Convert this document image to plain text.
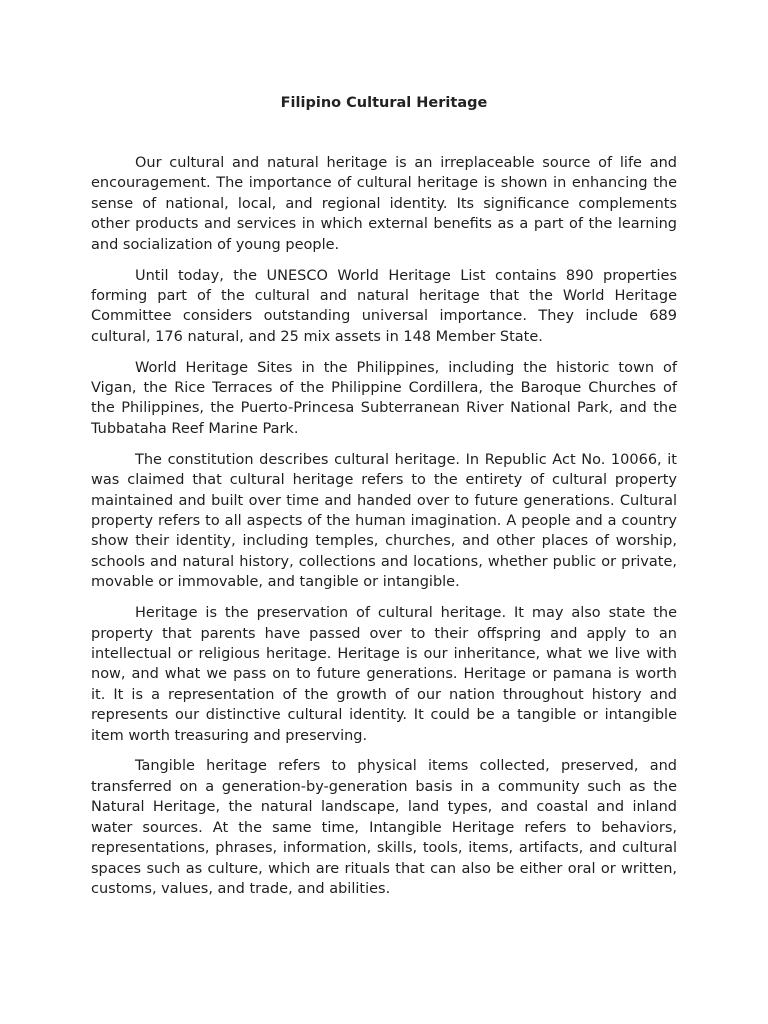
Filipino Cultural Heritage

Our cultural and natural heritage is an irreplaceable source of life and encouragement. The importance of cultural heritage is shown in enhancing the sense of national, local, and regional identity. Its significance complements other products and services in which external benefits as a part of the learning and socialization of young people.

Until today, the UNESCO World Heritage List contains 890 properties forming part of the cultural and natural heritage that the World Heritage Committee considers outstanding universal importance. They include 689 cultural, 176 natural, and 25 mix assets in 148 Member State.

World Heritage Sites in the Philippines, including the historic town of Vigan, the Rice Terraces of the Philippine Cordillera, the Baroque Churches of the Philippines, the Puerto-Princesa Subterranean River National Park, and the Tubbataha Reef Marine Park.

The constitution describes cultural heritage. In Republic Act No. 10066, it was claimed that cultural heritage refers to the entirety of cultural property maintained and built over time and handed over to future generations. Cultural property refers to all aspects of the human imagination. A people and a country show their identity, including temples, churches, and other places of worship, schools and natural history, collections and locations, whether public or private, movable or immovable, and tangible or intangible.

Heritage is the preservation of cultural heritage. It may also state the property that parents have passed over to their offspring and apply to an intellectual or religious heritage. Heritage is our inheritance, what we live with now, and what we pass on to future generations. Heritage or pamana is worth it. It is a representation of the growth of our nation throughout history and represents our distinctive cultural identity. It could be a tangible or intangible item worth treasuring and preserving.

Tangible heritage refers to physical items collected, preserved, and transferred on a generation-by-generation basis in a community such as the Natural Heritage, the natural landscape, land types, and coastal and inland water sources. At the same time, Intangible Heritage refers to behaviors, representations, phrases, information, skills, tools, items, artifacts, and cultural spaces such as culture, which are rituals that can also be either oral or written, customs, values, and trade, and abilities.
